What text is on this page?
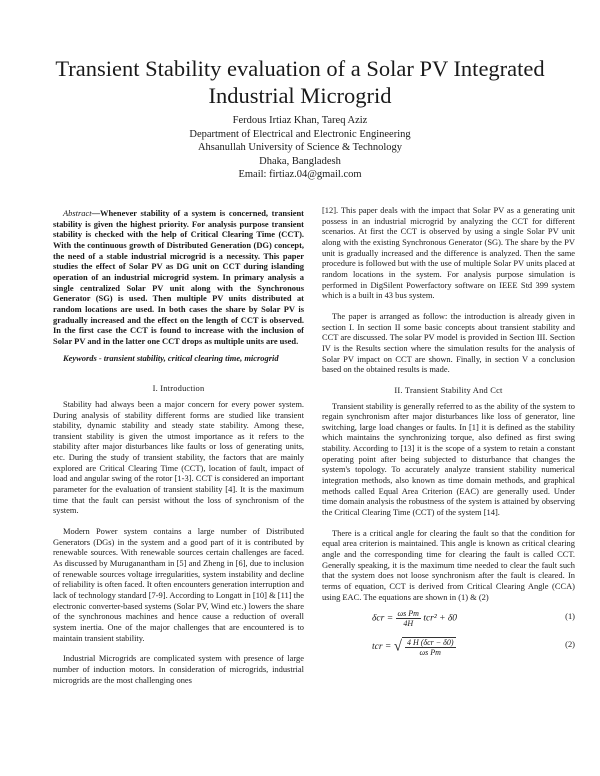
Transient Stability evaluation of a Solar PV Integrated Industrial Microgrid
Ferdous Irtiaz Khan, Tareq Aziz
Department of Electrical and Electronic Engineering
Ahsanullah University of Science & Technology
Dhaka, Bangladesh
Email: firtiaz.04@gmail.com

Abstract—Whenever stability of a system is concerned, transient stability is given the highest priority. For analysis purpose transient stability is checked with the help of Critical Clearing Time (CCT). With the continuous growth of Distributed Generation (DG) concept, the need of a stable industrial microgrid is a necessity. This paper studies the effect of Solar PV as DG unit on CCT during islanding operation of an industrial microgrid system. In primary analysis a single centralized Solar PV unit along with the Synchronous Generator (SG) is used. Then multiple PV units distributed at random locations are used. In both cases the share by Solar PV is gradually increased and the effect on the length of CCT is observed. In the first case the CCT is found to increase with the inclusion of Solar PV and in the latter one CCT drops as multiple units are used.

Keywords - transient stability, critical clearing time, microgrid

I. Introduction

Stability had always been a major concern for every power system. During analysis of stability different forms are studied like transient stability, dynamic stability and steady state stability. Among these, transient stability is given the utmost importance as it refers to the stability after major disturbances like faults or loss of generating units, etc. During the study of transient stability, the factors that are mainly explored are Critical Clearing Time (CCT), location of fault, impact of load and angular swing of the rotor [1-3]. CCT is considered an important parameter for the evaluation of transient stability [4]. It is the maximum time that the fault can persist without the loss of synchronism of the system.

Modern Power system contains a large number of Distributed Generators (DGs) in the system and a good part of it is contributed by renewable sources. With renewable sources certain challenges are faced. As discussed by Muruganantham in [5] and Zheng in [6], due to inclusion of renewable sources voltage irregularities, system instability and decline of reliability is often faced. It often encounters generation interruption and lack of technology standard [7-9]. According to Longatt in [10] & [11] the electronic converter-based systems (Solar PV, Wind etc.) lowers the share of the synchronous machines and hence cause a reduction of overall system inertia. One of the major challenges that are encountered is to maintain transient stability.

Industrial Microgrids are complicated system with presence of large number of induction motors. In consideration of microgrids, industrial microgrids are the most challenging ones

[12]. This paper deals with the impact that Solar PV as a generating unit possess in an industrial microgrid by analyzing the CCT for different scenarios. At first the CCT is observed by using a single Solar PV unit along with the existing Synchronous Generator (SG). The share by the PV unit is gradually increased and the difference is analyzed. Then the same procedure is followed but with the use of multiple Solar PV units placed at random locations in the system. For analysis purpose simulation is performed in DigSilent Powerfactory software on IEEE Std 399 system which is a built in 43 bus system.

The paper is arranged as follow: the introduction is already given in section I. In section II some basic concepts about transient stability and CCT are discussed. The solar PV model is provided in Section III. Section IV is the Results section where the simulation results for the analysis of Solar PV impact on CCT are shown. Finally, in section V a conclusion based on the obtained results is made.

II. Transient Stability And Cct

Transient stability is generally referred to as the ability of the system to regain synchronism after major disturbances like loss of generator, line switching, large load changes or faults. In [1] it is defined as the stability which maintains the synchronizing torque, also defined as first swing stability. According to [13] it is the scope of a system to retain a constant operating point after being subjected to disturbance that changes the system's topology. To accurately analyze transient stability numerical integration methods, also known as time domain methods, and graphical methods called Equal Area Criterion (EAC) are generally used. Under time domain analysis the robustness of the system is attained by observing the Critical Clearing Time (CCT) of the system [14].

There is a critical angle for clearing the fault so that the condition for equal area criterion is maintained. This angle is known as critical clearing angle and the corresponding time for clearing the fault is called CCT. Generally speaking, it is the maximum time needed to clear the fault such that the system does not loose synchronism after the fault is cleared. In terms of equation, CCT is derived from Critical Clearing Angle (CCA) using EAC. The equations are shown in (1) & (2)

$\delta cr = \frac{\text{ωs Pm}}{4H} tcr^2 + \delta 0$	(1)
tcr = √ $\frac{\text{4 H (δcr − δ0)}}{\text{ωs Pm}}$	(2)
